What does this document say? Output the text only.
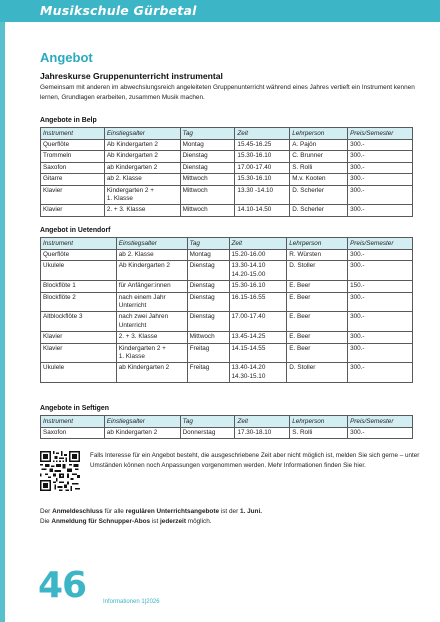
Musikschule Gürbetal
Angebot
Jahreskurse Gruppenunterricht instrumental
Gemeinsam mit anderen im abwechslungsreich angeleiteten Gruppenunterricht während eines Jahres vertieft ein Instrument kennen lernen, Grundlagen erarbeiten, zusammen Musik machen.
Angebote in Belp
Instrument	Einstiegsalter	Tag	Zeit	Lehrperson	Preis/Semester

Querflöte	Ab Kindergarten 2	Montag	15.45-16.25	A. Pajön	300.-

Trommeln	Ab Kindergarten 2	Dienstag	15.30-16.10	C. Brunner	300.-

Saxofon	ab Kindergarten 2	Dienstag	17.00-17.40	S. Rolli	300.-

Gitarre	ab 2. Klasse	Mittwoch	15.30-16.10	M.v. Kooten	300.-

Klavier	Kindergarten 2 +
1. Klasse	Mittwoch	13.30 -14.10	D. Scherler	300.-

Klavier	2. + 3. Klasse	Mittwoch	14.10-14.50	D. Scherler	300.-
Angebot in Uetendorf
Instrument	Einstiegsalter	Tag	Zeit	Lehrperson	Preis/Semester

Querflöte	ab 2. Klasse	Montag	15.20-16.00	R. Würsten	300.-

Ukulele	Ab Kindergarten 2	Dienstag	13.30-14.10
14.20-15.00	D. Stoller	300.-

Blockflöte 1	für Anfänger:innen	Dienstag	15.30-16.10	E. Beer	150.-

Blockflöte 2	nach einem Jahr
Unterricht	Dienstag	16.15-16.55	E. Beer	300.-

Altblockflöte 3	nach zwei Jahren
Unterricht	Dienstag	17.00-17.40	E. Beer	300.-

Klavier	2. + 3. Klasse	Mittwoch	13.45-14.25	E. Beer	300.-

Klavier	Kindergarten 2 +
1. Klasse	Freitag	14.15-14.55	E. Beer	300.-

Ukulele	ab Kindergarten 2	Freitag	13.40-14.20
14.30-15.10	D. Stoller	300.-
Angebote in Seftigen
Instrument	Einstiegsalter	Tag	Zeit	Lehrperson	Preis/Semester

Saxofon	ab Kindergarten 2	Donnerstag	17.30-18.10	S. Rolli	300.-
Falls Interesse für ein Angebot besteht, die ausgeschriebene Zeit aber nicht möglich ist, melden Sie sich gerne – unter Umständen können noch Anpassungen vorgenommen werden. Mehr Informationen finden Sie hier.
Der Anmeldeschluss für alle regulären Unterrichtsangebote ist der 1. Juni.
Die Anmeldung für Schnupper-Abos ist jederzeit möglich.
46	Informationen 1|2026
